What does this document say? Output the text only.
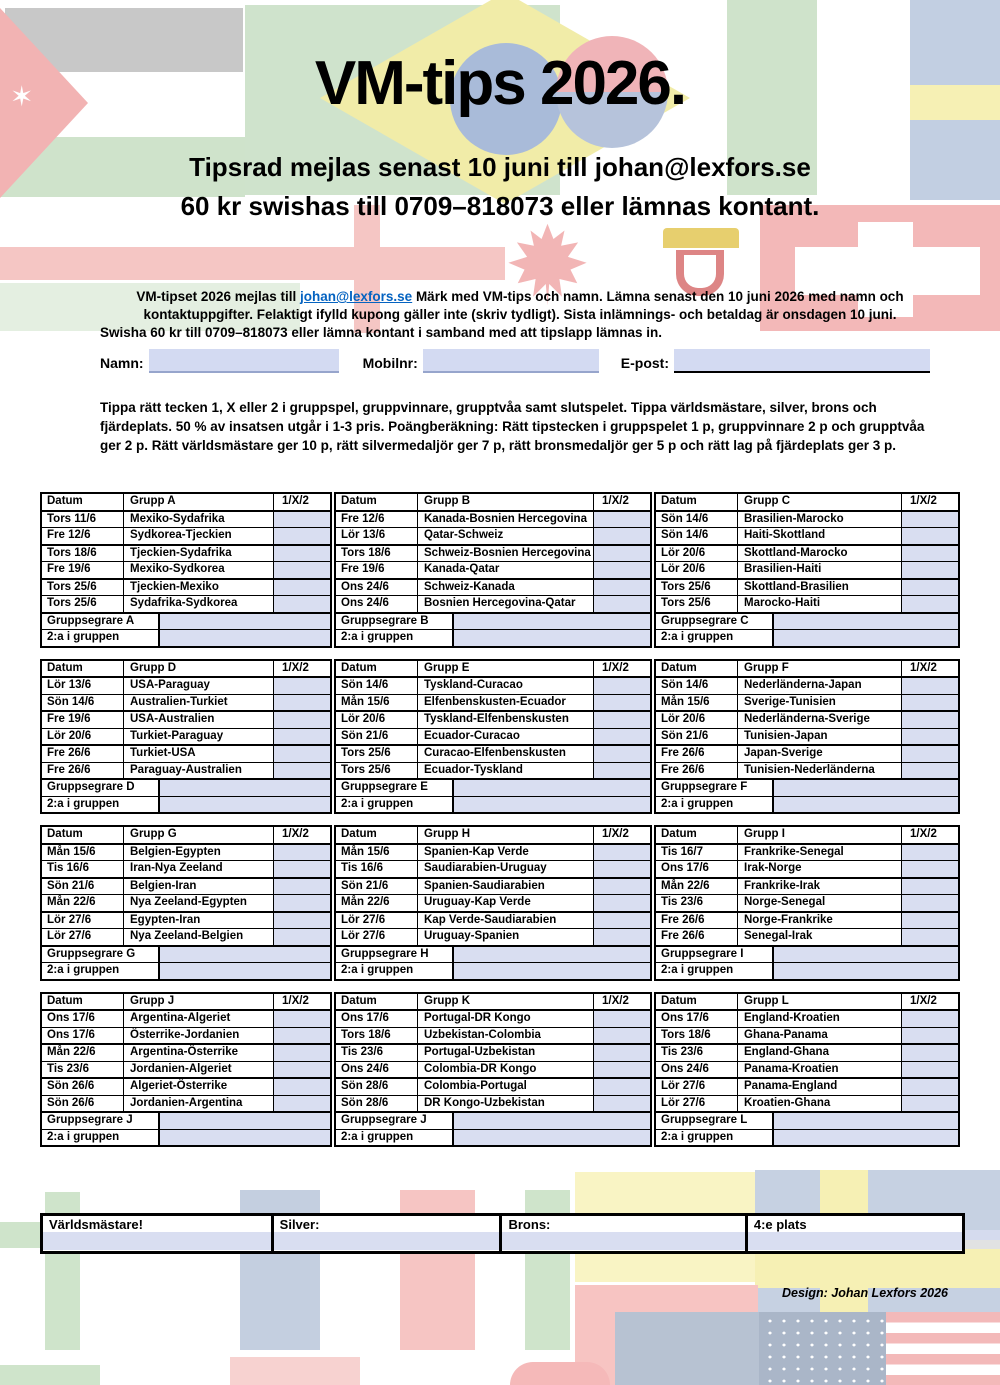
✶	VM-tips 2026.
Tipsrad mejlas senast 10 juni till johan@lexfors.se
60 kr swishas till 0709–818073 eller lämnas kontant.

VM-tipset 2026 mejlas till johan@lexfors.se Märk med VM-tips och namn. Lämna senast den 10 juni 2026 med namn och kontaktuppgifter. Felaktigt ifylld kupong gäller inte (skriv tydligt). Sista inlämnings- och betaldag är onsdagen 10 juni.
Swisha 60 kr till 0709–818073 eller lämna kontant i samband med att tipslapp lämnas in.

Namn:	Mobilnr:	E-post:

Tippa rätt tecken 1, X eller 2 i gruppspel, gruppvinnare, grupptvåa samt slutspelet. Tippa världsmästare, silver, brons och fjärdeplats. 50 % av insatsen utgår i 1-3 pris. Poängberäkning: Rätt tipstecken i gruppspelet 1 p, gruppvinnare 2 p och grupptvåa ger 2 p. Rätt världsmästare ger 10 p, rätt silvermedaljör ger 7 p, rätt bronsmedaljör ger 5 p och rätt lag på fjärdeplats ger 3 p.

Datum	Grupp A	1/X/2
Tors 11/6	Mexiko-Sydafrika
Fre 12/6	Sydkorea-Tjeckien
Tors 18/6	Tjeckien-Sydafrika
Fre 19/6	Mexiko-Sydkorea
Tors 25/6	Tjeckien-Mexiko
Tors 25/6	Sydafrika-Sydkorea
Gruppsegrare A
2:a i gruppen
Datum	Grupp B	1/X/2
Fre 12/6	Kanada-Bosnien Hercegovina
Lör 13/6	Qatar-Schweiz
Tors 18/6	Schweiz-Bosnien Hercegovina
Fre 19/6	Kanada-Qatar
Ons 24/6	Schweiz-Kanada
Ons 24/6	Bosnien Hercegovina-Qatar
Gruppsegrare B
2:a i gruppen
Datum	Grupp C	1/X/2
Sön 14/6	Brasilien-Marocko
Sön 14/6	Haiti-Skottland
Lör 20/6	Skottland-Marocko
Lör 20/6	Brasilien-Haiti
Tors 25/6	Skottland-Brasilien
Tors 25/6	Marocko-Haiti
Gruppsegrare C
2:a i gruppen
Datum	Grupp D	1/X/2
Lör 13/6	USA-Paraguay
Sön 14/6	Australien-Turkiet
Fre 19/6	USA-Australien
Lör 20/6	Turkiet-Paraguay
Fre 26/6	Turkiet-USA
Fre 26/6	Paraguay-Australien
Gruppsegrare D
2:a i gruppen
Datum	Grupp E	1/X/2
Sön 14/6	Tyskland-Curacao
Mån 15/6	Elfenbenskusten-Ecuador
Lör 20/6	Tyskland-Elfenbenskusten
Sön 21/6	Ecuador-Curacao
Tors 25/6	Curacao-Elfenbenskusten
Tors 25/6	Ecuador-Tyskland
Gruppsegrare E
2:a i gruppen
Datum	Grupp F	1/X/2
Sön 14/6	Nederländerna-Japan
Mån 15/6	Sverige-Tunisien
Lör 20/6	Nederländerna-Sverige
Sön 21/6	Tunisien-Japan
Fre 26/6	Japan-Sverige
Fre 26/6	Tunisien-Nederländerna
Gruppsegrare F
2:a i gruppen
Datum	Grupp G	1/X/2
Mån 15/6	Belgien-Egypten
Tis 16/6	Iran-Nya Zeeland
Sön 21/6	Belgien-Iran
Mån 22/6	Nya Zeeland-Egypten
Lör 27/6	Egypten-Iran
Lör 27/6	Nya Zeeland-Belgien
Gruppsegrare G
2:a i gruppen
Datum	Grupp H	1/X/2
Mån 15/6	Spanien-Kap Verde
Tis 16/6	Saudiarabien-Uruguay
Sön 21/6	Spanien-Saudiarabien
Mån 22/6	Uruguay-Kap Verde
Lör 27/6	Kap Verde-Saudiarabien
Lör 27/6	Uruguay-Spanien
Gruppsegrare H
2:a i gruppen
Datum	Grupp I	1/X/2
Tis 16/7	Frankrike-Senegal
Ons 17/6	Irak-Norge
Mån 22/6	Frankrike-Irak
Tis 23/6	Norge-Senegal
Fre 26/6	Norge-Frankrike
Fre 26/6	Senegal-Irak
Gruppsegrare I
2:a i gruppen
Datum	Grupp J	1/X/2
Ons 17/6	Argentina-Algeriet
Ons 17/6	Österrike-Jordanien
Mån 22/6	Argentina-Österrike
Tis 23/6	Jordanien-Algeriet
Sön 26/6	Algeriet-Österrike
Sön 26/6	Jordanien-Argentina
Gruppsegrare J
2:a i gruppen
Datum	Grupp K	1/X/2
Ons 17/6	Portugal-DR Kongo
Tors 18/6	Uzbekistan-Colombia
Tis 23/6	Portugal-Uzbekistan
Ons 24/6	Colombia-DR Kongo
Sön 28/6	Colombia-Portugal
Sön 28/6	DR Kongo-Uzbekistan
Gruppsegrare J
2:a i gruppen
Datum	Grupp L	1/X/2
Ons 17/6	England-Kroatien
Tors 18/6	Ghana-Panama
Tis 23/6	England-Ghana
Ons 24/6	Panama-Kroatien
Lör 27/6	Panama-England
Lör 27/6	Kroatien-Ghana
Gruppsegrare L
2:a i gruppen
Världsmästare!	Silver:	Brons:	4:e plats
Design: Johan Lexfors 2026
